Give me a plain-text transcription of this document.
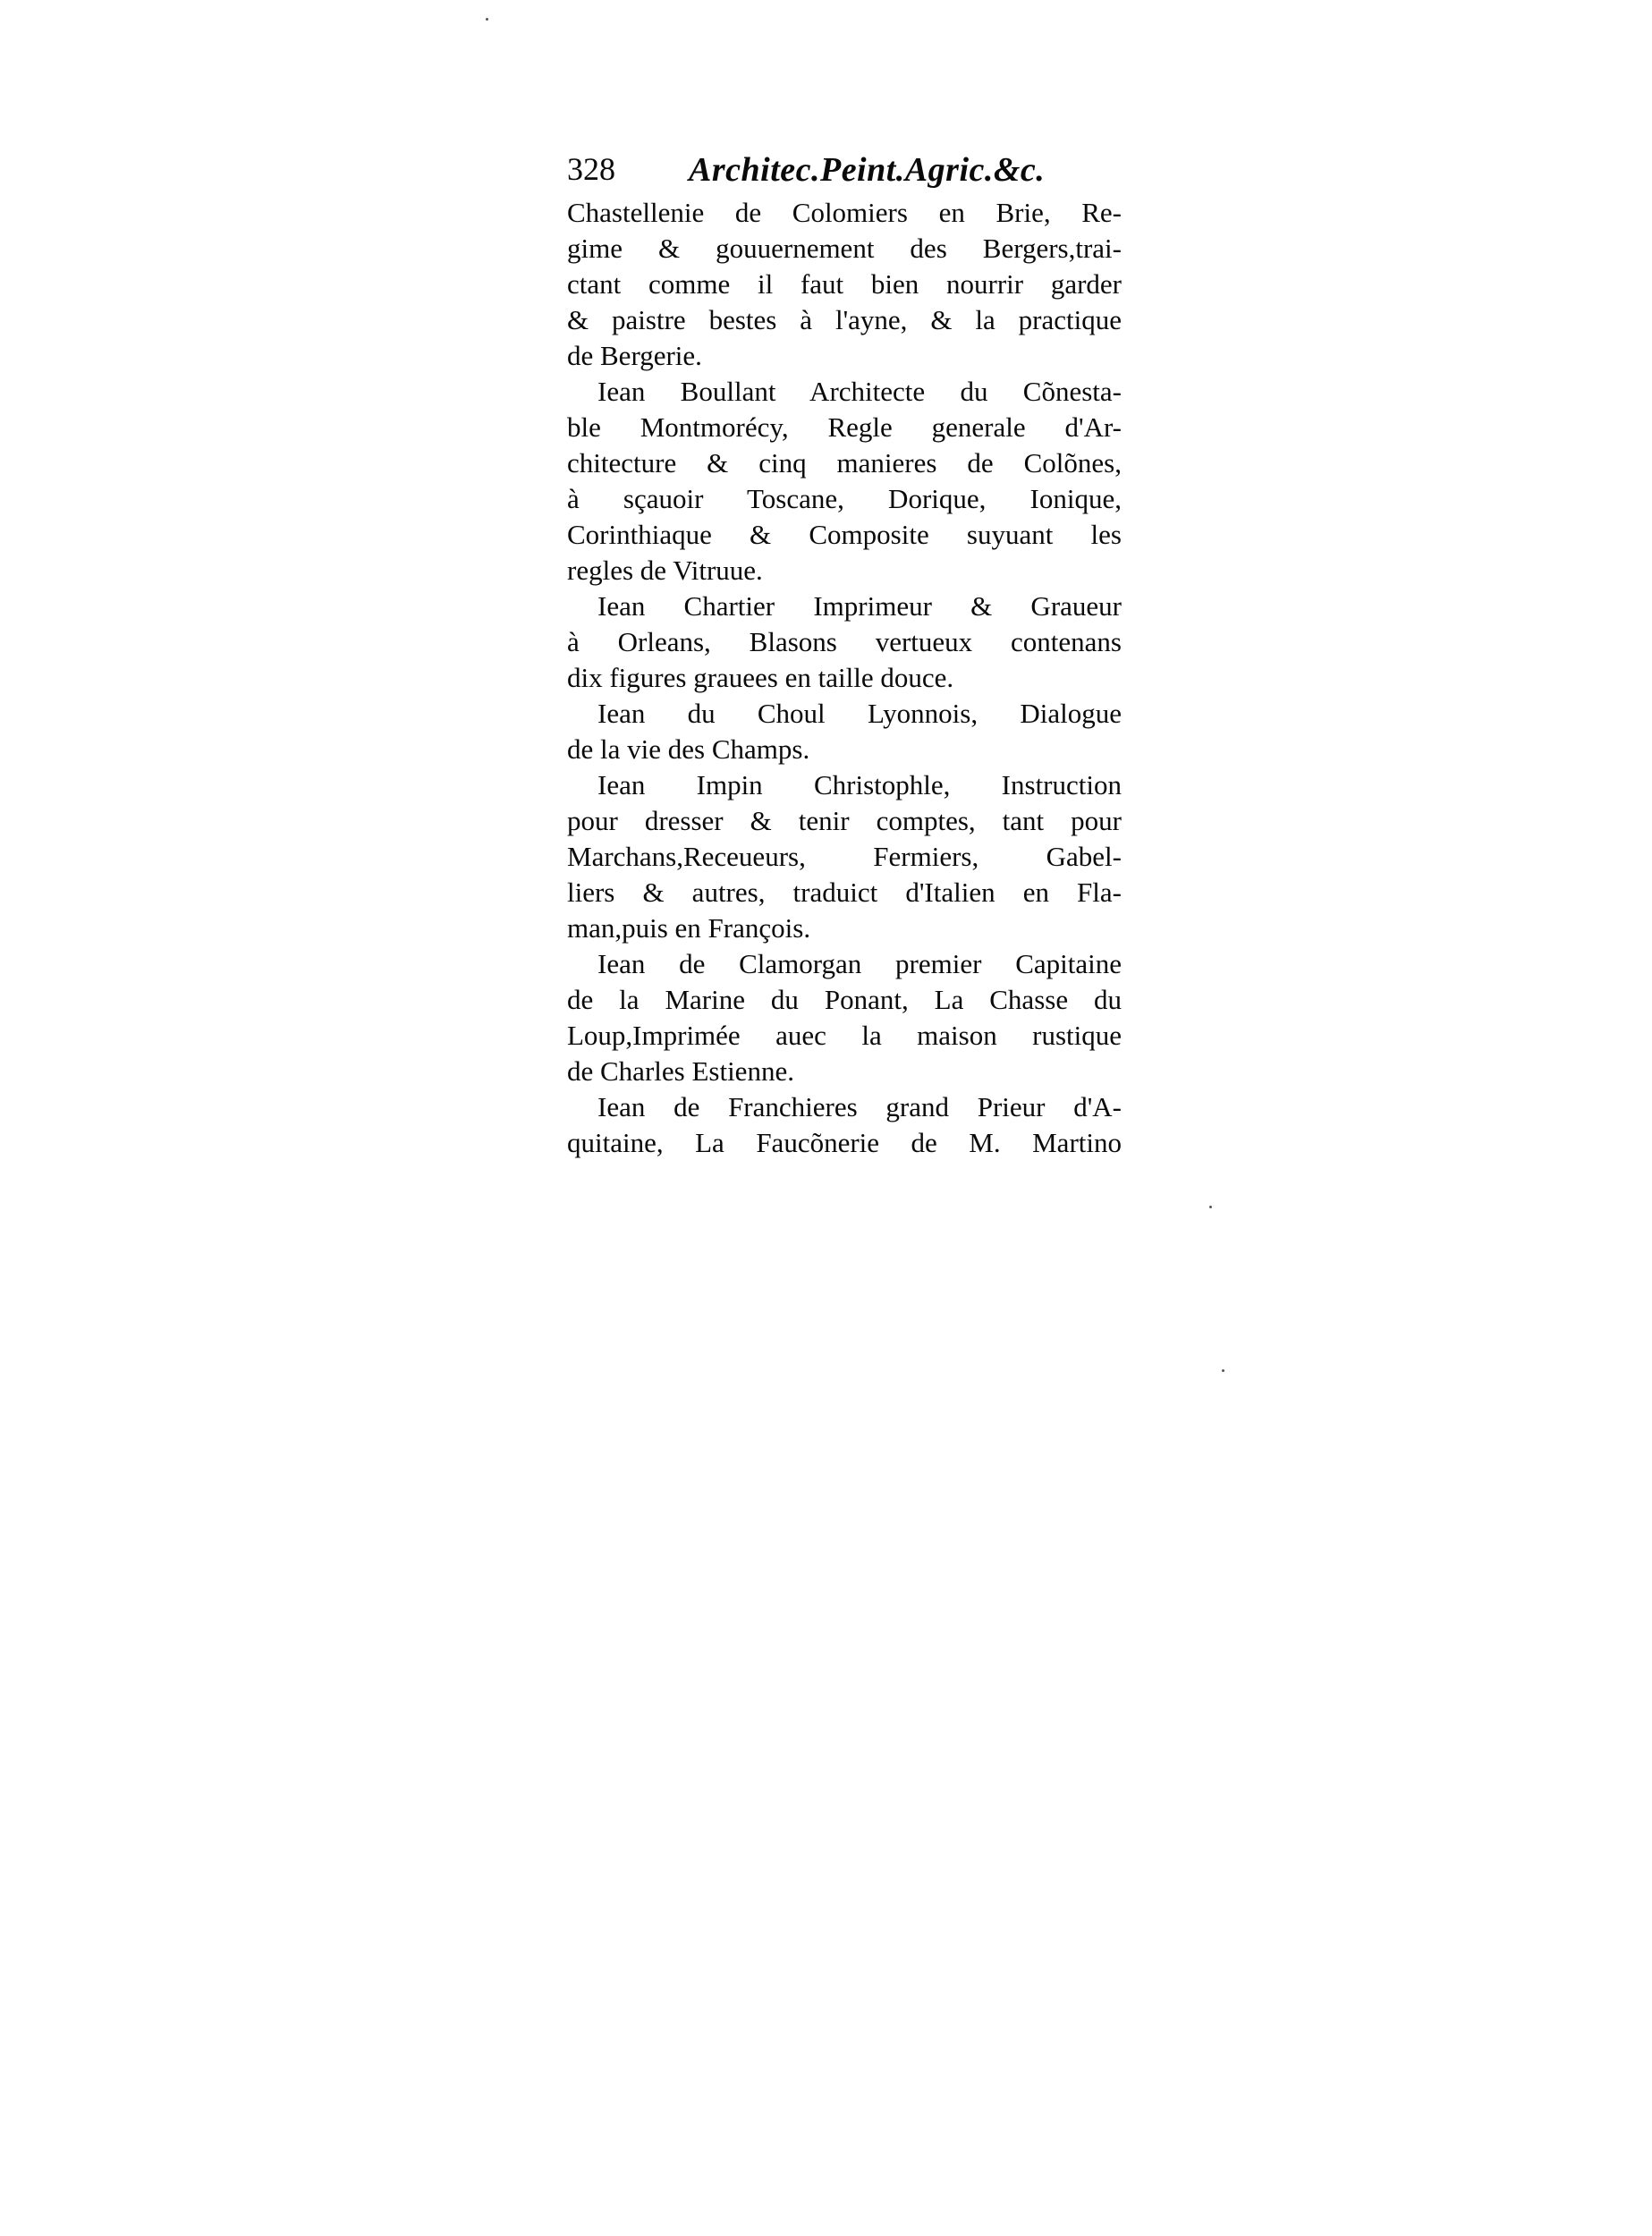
328 Architec.Peint.Agric.&c.
Chastellenie de Colomiers en Brie, Re-
gime & gouuernement des Bergers,trai-
ctant comme il faut bien nourrir garder
& paistre bestes à l'ayne, & la practique
de Bergerie.
Iean Boullant Architecte du Cõnesta-
ble Montmorécy, Regle generale d'Ar-
chitecture & cinq manieres de Colõnes,
à sçauoir Toscane, Dorique, Ionique,
Corinthiaque & Composite suyuant les
regles de Vitruue.
Iean Chartier Imprimeur & Graueur
à Orleans, Blasons vertueux contenans
dix figures grauees en taille douce.
Iean du Choul Lyonnois, Dialogue
de la vie des Champs.
Iean Impin Christophle, Instruction
pour dresser & tenir comptes, tant pour
Marchans,Receueurs, Fermiers, Gabel-
liers & autres, traduict d'Italien en Fla-
man,puis en François.
Iean de Clamorgan premier Capitaine
de la Marine du Ponant, La Chasse du
Loup,Imprimée auec la maison rustique
de Charles Estienne.
Iean de Franchieres grand Prieur d'A-
quitaine, La Faucõnerie de M. Martino
